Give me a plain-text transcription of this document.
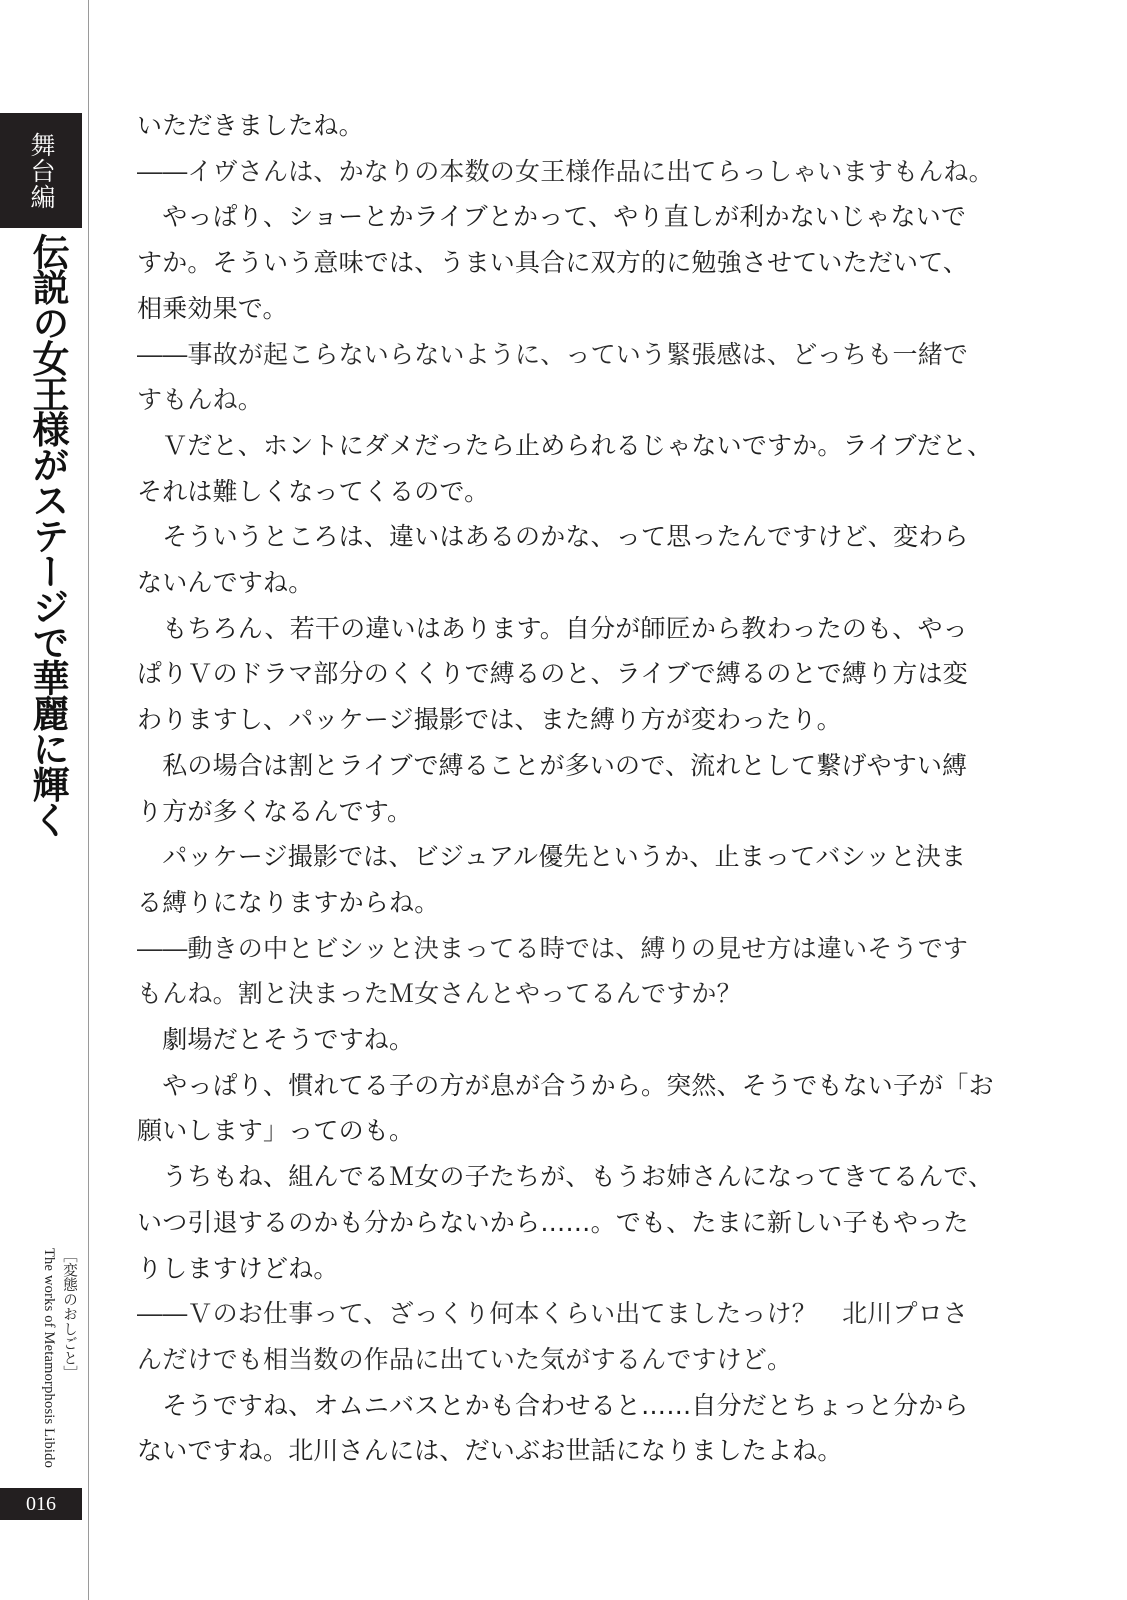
舞台編
伝説の女王様がステージで華麗に輝く
The works of Metamorphosis Libido ［変態のおしごと］
016

いただきましたね。

――イヴさんは、かなりの本数の女王様作品に出てらっしゃいますもんね。

　やっぱり、ショーとかライブとかって、やり直しが利かないじゃないで

すか。そういう意味では、うまい具合に双方的に勉強させていただいて、

相乗効果で。

――事故が起こらないらないように、っていう緊張感は、どっちも一緒で

すもんね。

　Ｖだと、ホントにダメだったら止められるじゃないですか。ライブだと、

それは難しくなってくるので。

　そういうところは、違いはあるのかな、って思ったんですけど、変わら

ないんですね。

　もちろん、若干の違いはあります。自分が師匠から教わったのも、やっ

ぱりＶのドラマ部分のくくりで縛るのと、ライブで縛るのとで縛り方は変

わりますし、パッケージ撮影では、また縛り方が変わったり。

　私の場合は割とライブで縛ることが多いので、流れとして繋げやすい縛

り方が多くなるんです。

　パッケージ撮影では、ビジュアル優先というか、止まってバシッと決ま

る縛りになりますからね。

――動きの中とビシッと決まってる時では、縛りの見せ方は違いそうです

もんね。割と決まったＭ女さんとやってるんですか？

　劇場だとそうですね。

　やっぱり、慣れてる子の方が息が合うから。突然、そうでもない子が「お

願いします」ってのも。

　うちもね、組んでるＭ女の子たちが、もうお姉さんになってきてるんで、

いつ引退するのかも分からないから……。でも、たまに新しい子もやった

りしますけどね。

――Ｖのお仕事って、ざっくり何本くらい出てましたっけ？　北川プロさ

んだけでも相当数の作品に出ていた気がするんですけど。

　そうですね、オムニバスとかも合わせると……自分だとちょっと分から

ないですね。北川さんには、だいぶお世話になりましたよね。
